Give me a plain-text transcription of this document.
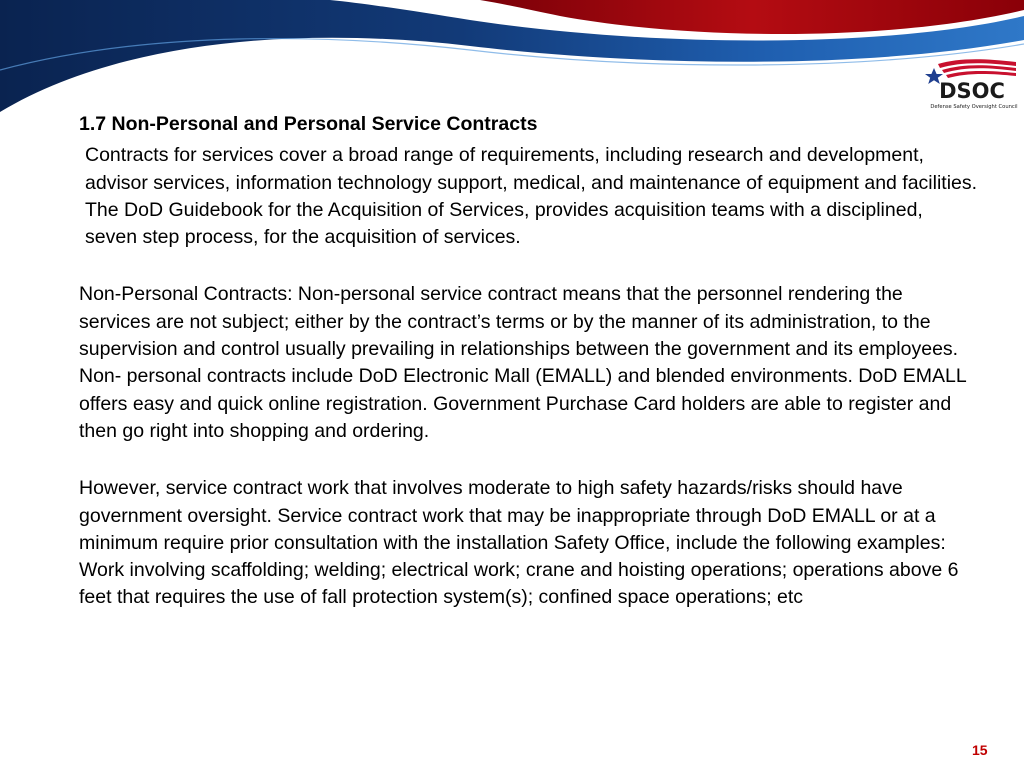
DSOC
Defense Safety Oversight Council
1.7 Non-Personal and Personal Service Contracts

Contracts for services cover a broad range of requirements, including research and development, advisor services, information technology support, medical, and maintenance of equipment and facilities. The DoD Guidebook for the Acquisition of Services, provides acquisition teams with a disciplined, seven step process, for the acquisition of services.

Non-Personal Contracts: Non-personal service contract means that the personnel rendering the services are not subject; either by the contract’s terms or by the manner of its administration, to the supervision and control usually prevailing in relationships between the government and its employees. Non- personal contracts include DoD Electronic Mall (EMALL) and blended environments. DoD EMALL offers easy and quick online registration. Government Purchase Card holders are able to register and then go right into shopping and ordering.

However, service contract work that involves moderate to high safety hazards/risks should have government oversight. Service contract work that may be inappropriate through DoD EMALL or at a minimum require prior consultation with the installation Safety Office, include the following examples: Work involving scaffolding; welding; electrical work; crane and hoisting operations; operations above 6 feet that requires the use of fall protection system(s); confined space operations; etc

15
